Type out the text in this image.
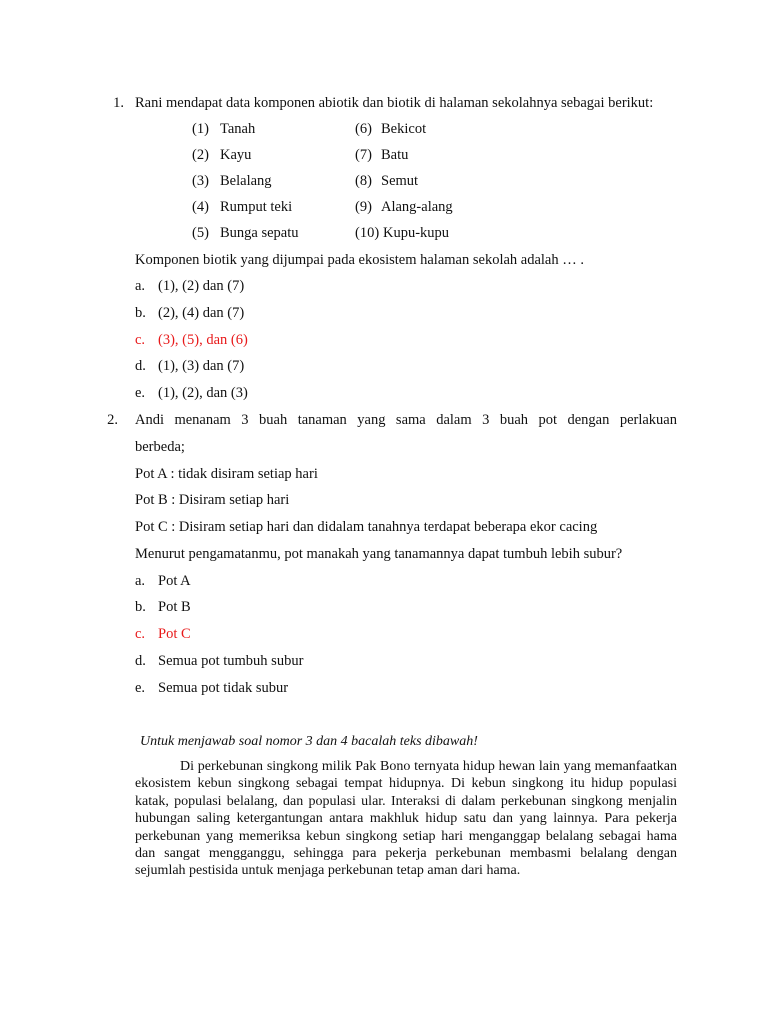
1. Rani mendapat data komponen abiotik dan biotik di halaman sekolahnya sebagai berikut:
(1) Tanah
(2) Kayu
(3) Belalang
(4) Rumput teki
(5) Bunga sepatu
(6) Bekicot
(7) Batu
(8) Semut
(9) Alang-alang
(10) Kupu-kupu
Komponen biotik yang dijumpai pada ekosistem halaman sekolah adalah … .
a. (1), (2) dan (7)
b. (2), (4) dan (7)
c. (3), (5), dan (6)
d. (1), (3) dan (7)
e. (1), (2), dan (3)
2. Andi menanam 3 buah tanaman yang sama dalam 3 buah pot dengan perlakuan
berbeda;
Pot A : tidak disiram setiap hari
Pot B : Disiram setiap hari
Pot C : Disiram setiap hari dan didalam tanahnya terdapat beberapa ekor cacing
Menurut pengamatanmu, pot manakah yang tanamannya dapat tumbuh lebih subur?
a. Pot A
b. Pot B
c. Pot C
d. Semua pot tumbuh subur
e. Semua pot tidak subur
Untuk menjawab soal nomor 3 dan 4 bacalah teks dibawah!
Di perkebunan singkong milik Pak Bono ternyata hidup hewan lain yang memanfaatkan ekosistem kebun singkong sebagai tempat hidupnya. Di kebun singkong itu hidup populasi katak, populasi belalang, dan populasi ular. Interaksi di dalam perkebunan singkong menjalin hubungan saling ketergantungan antara makhluk hidup satu dan yang lainnya. Para pekerja perkebunan yang memeriksa kebun singkong setiap hari menganggap belalang sebagai hama dan sangat mengganggu, sehingga para pekerja perkebunan membasmi belalang dengan sejumlah pestisida untuk menjaga perkebunan tetap aman dari hama.
